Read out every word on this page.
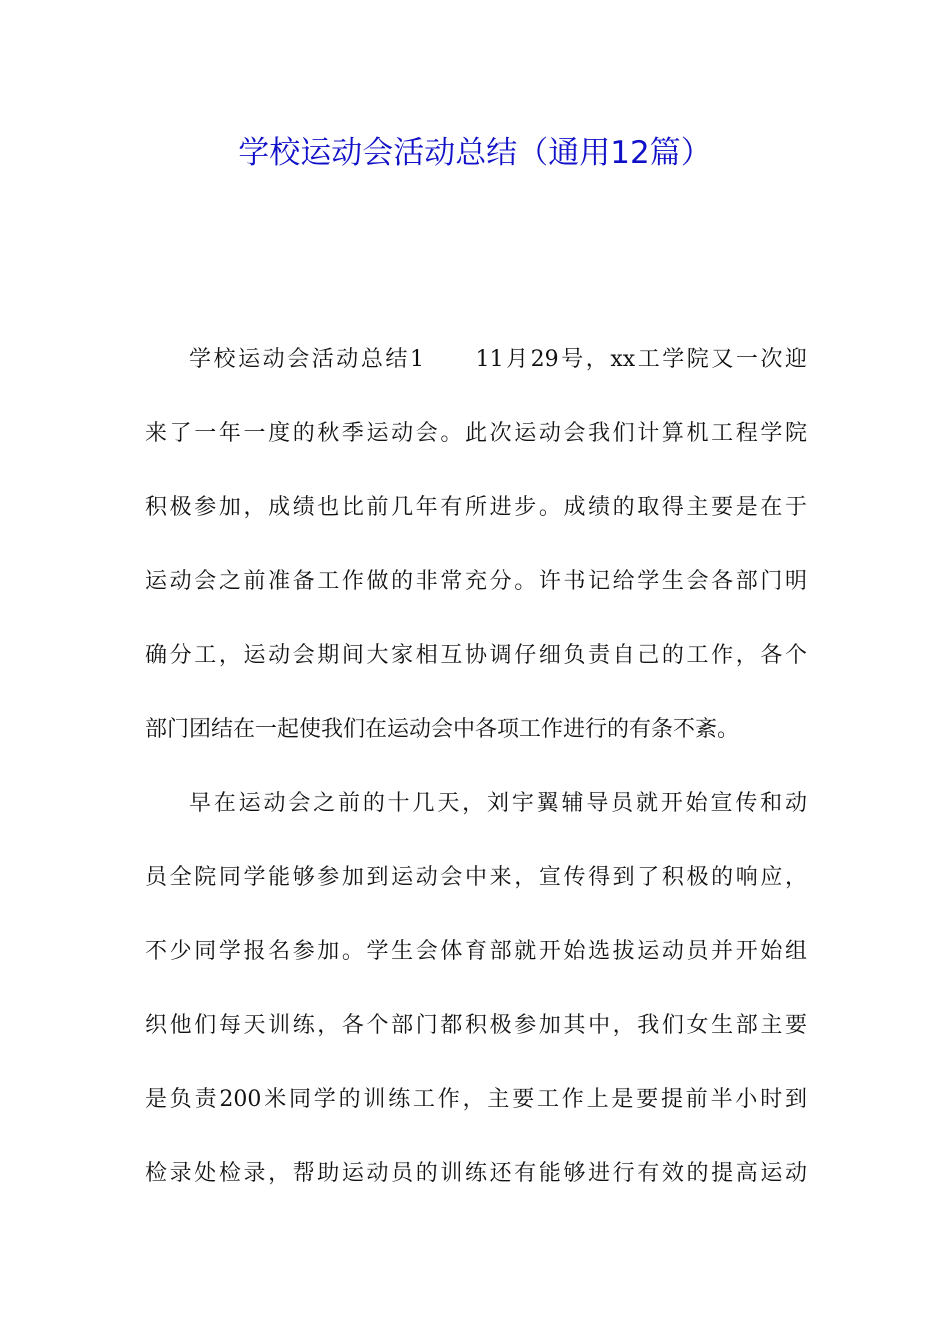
学校运动会活动总结（通用12篇）
学校运动会活动总结1　　11月29号，xx工学院又一次迎
来了一年一度的秋季运动会。此次运动会我们计算机工程学院
积极参加，成绩也比前几年有所进步。成绩的取得主要是在于
运动会之前准备工作做的非常充分。许书记给学生会各部门明
确分工，运动会期间大家相互协调仔细负责自己的工作，各个
部门团结在一起使我们在运动会中各项工作进行的有条不紊。
早在运动会之前的十几天，刘宇翼辅导员就开始宣传和动
员全院同学能够参加到运动会中来，宣传得到了积极的响应，
不少同学报名参加。学生会体育部就开始选拔运动员并开始组
织他们每天训练，各个部门都积极参加其中，我们女生部主要
是负责200米同学的训练工作，主要工作上是要提前半小时到
检录处检录，帮助运动员的训练还有能够进行有效的提高运动
